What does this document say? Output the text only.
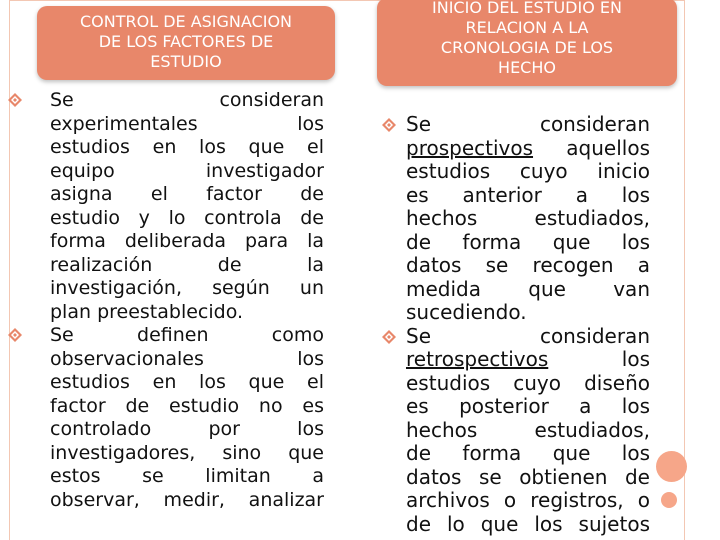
CONTROL DE ASIGNACION
DE LOS FACTORES DE
ESTUDIO
INICIO DEL ESTUDIO EN
RELACION A LA
CRONOLOGIA DE LOS
HECHO
Se consideran
experimentales los
estudios en los que el
equipo investigador
asigna el factor de
estudio y lo controla de
forma deliberada para la
realización de la
investigación, según un
plan preestablecido.
Se definen como
observacionales los
estudios en los que el
factor de estudio no es
controlado por los
investigadores, sino que
estos se limitan a
observar, medir, analizar
Se consideran
prospectivos aquellos
estudios cuyo inicio
es anterior a los
hechos estudiados,
de forma que los
datos se recogen a
medida que van
sucediendo.
Se consideran
retrospectivos	los
estudios cuyo diseño
es posterior a los
hechos estudiados,
de forma que los
datos se obtienen de
archivos o registros, o
de lo que los sujetos
